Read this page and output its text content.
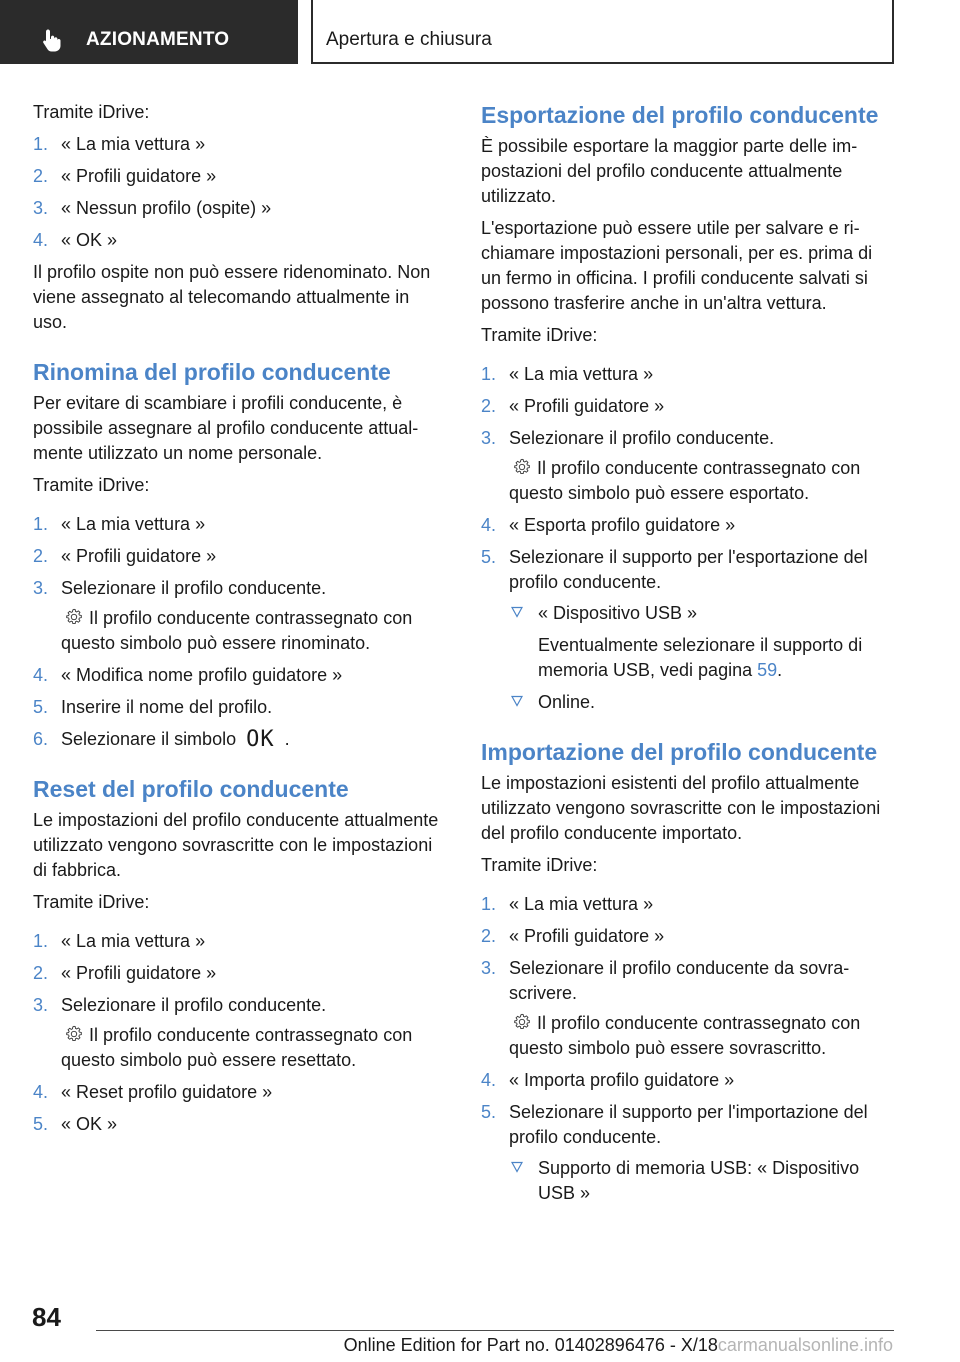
AZIONAMENTO	Apertura e chiusura

Tramite iDrive:

1. « La mia vettura »
2. « Profili guidatore »
3. « Nessun profilo (ospite) »
4. « OK »

Il profilo ospite non può essere ridenominato. Non viene assegnato al telecomando attualmente in uso.

Rinomina del profilo conducente

Per evitare di scambiare i profili conducente, è possibile assegnare al profilo conducente attualmente utilizzato un nome personale.

Tramite iDrive:

1. « La mia vettura »
2. « Profili guidatore »
3. Selezionare il profilo conducente.
Il profilo conducente contrassegnato con questo simbolo può essere rinominato.
4. « Modifica nome profilo guidatore »
5. Inserire il nome del profilo.
6. Selezionare il simbolo OK .
Reset del profilo conducente

Le impostazioni del profilo conducente attualmente utilizzato vengono sovrascritte con le impostazioni di fabbrica.

Tramite iDrive:

1. « La mia vettura »
2. « Profili guidatore »
3. Selezionare il profilo conducente.
Il profilo conducente contrassegnato con questo simbolo può essere resettato.
4. « Reset profilo guidatore »
5. « OK »
Esportazione del profilo conducente

È possibile esportare la maggior parte delle impostazioni del profilo conducente attualmente utilizzato.

L'esportazione può essere utile per salvare e richiamare impostazioni personali, per es. prima di un fermo in officina. I profili conducente salvati si possono trasferire anche in un'altra vettura.

Tramite iDrive:

1. « La mia vettura »
2. « Profili guidatore »
3. Selezionare il profilo conducente.
Il profilo conducente contrassegnato con questo simbolo può essere esportato.
4. « Esporta profilo guidatore »
5. Selezionare il supporto per l'esportazione del profilo conducente.
« Dispositivo USB »
Eventualmente selezionare il supporto di memoria USB, vedi pagina 59.
Online.
Importazione del profilo conducente

Le impostazioni esistenti del profilo attualmente utilizzato vengono sovrascritte con le impostazioni del profilo conducente importato.

Tramite iDrive:

1. « La mia vettura »
2. « Profili guidatore »
3. Selezionare il profilo conducente da sovrascrivere.
Il profilo conducente contrassegnato con questo simbolo può essere sovrascritto.
4. « Importa profilo guidatore »
5. Selezionare il supporto per l'importazione del profilo conducente.
Supporto di memoria USB: « Dispositivo USB »
84
Online Edition for Part no. 01402896476 - X/18carmanualsonline.info
